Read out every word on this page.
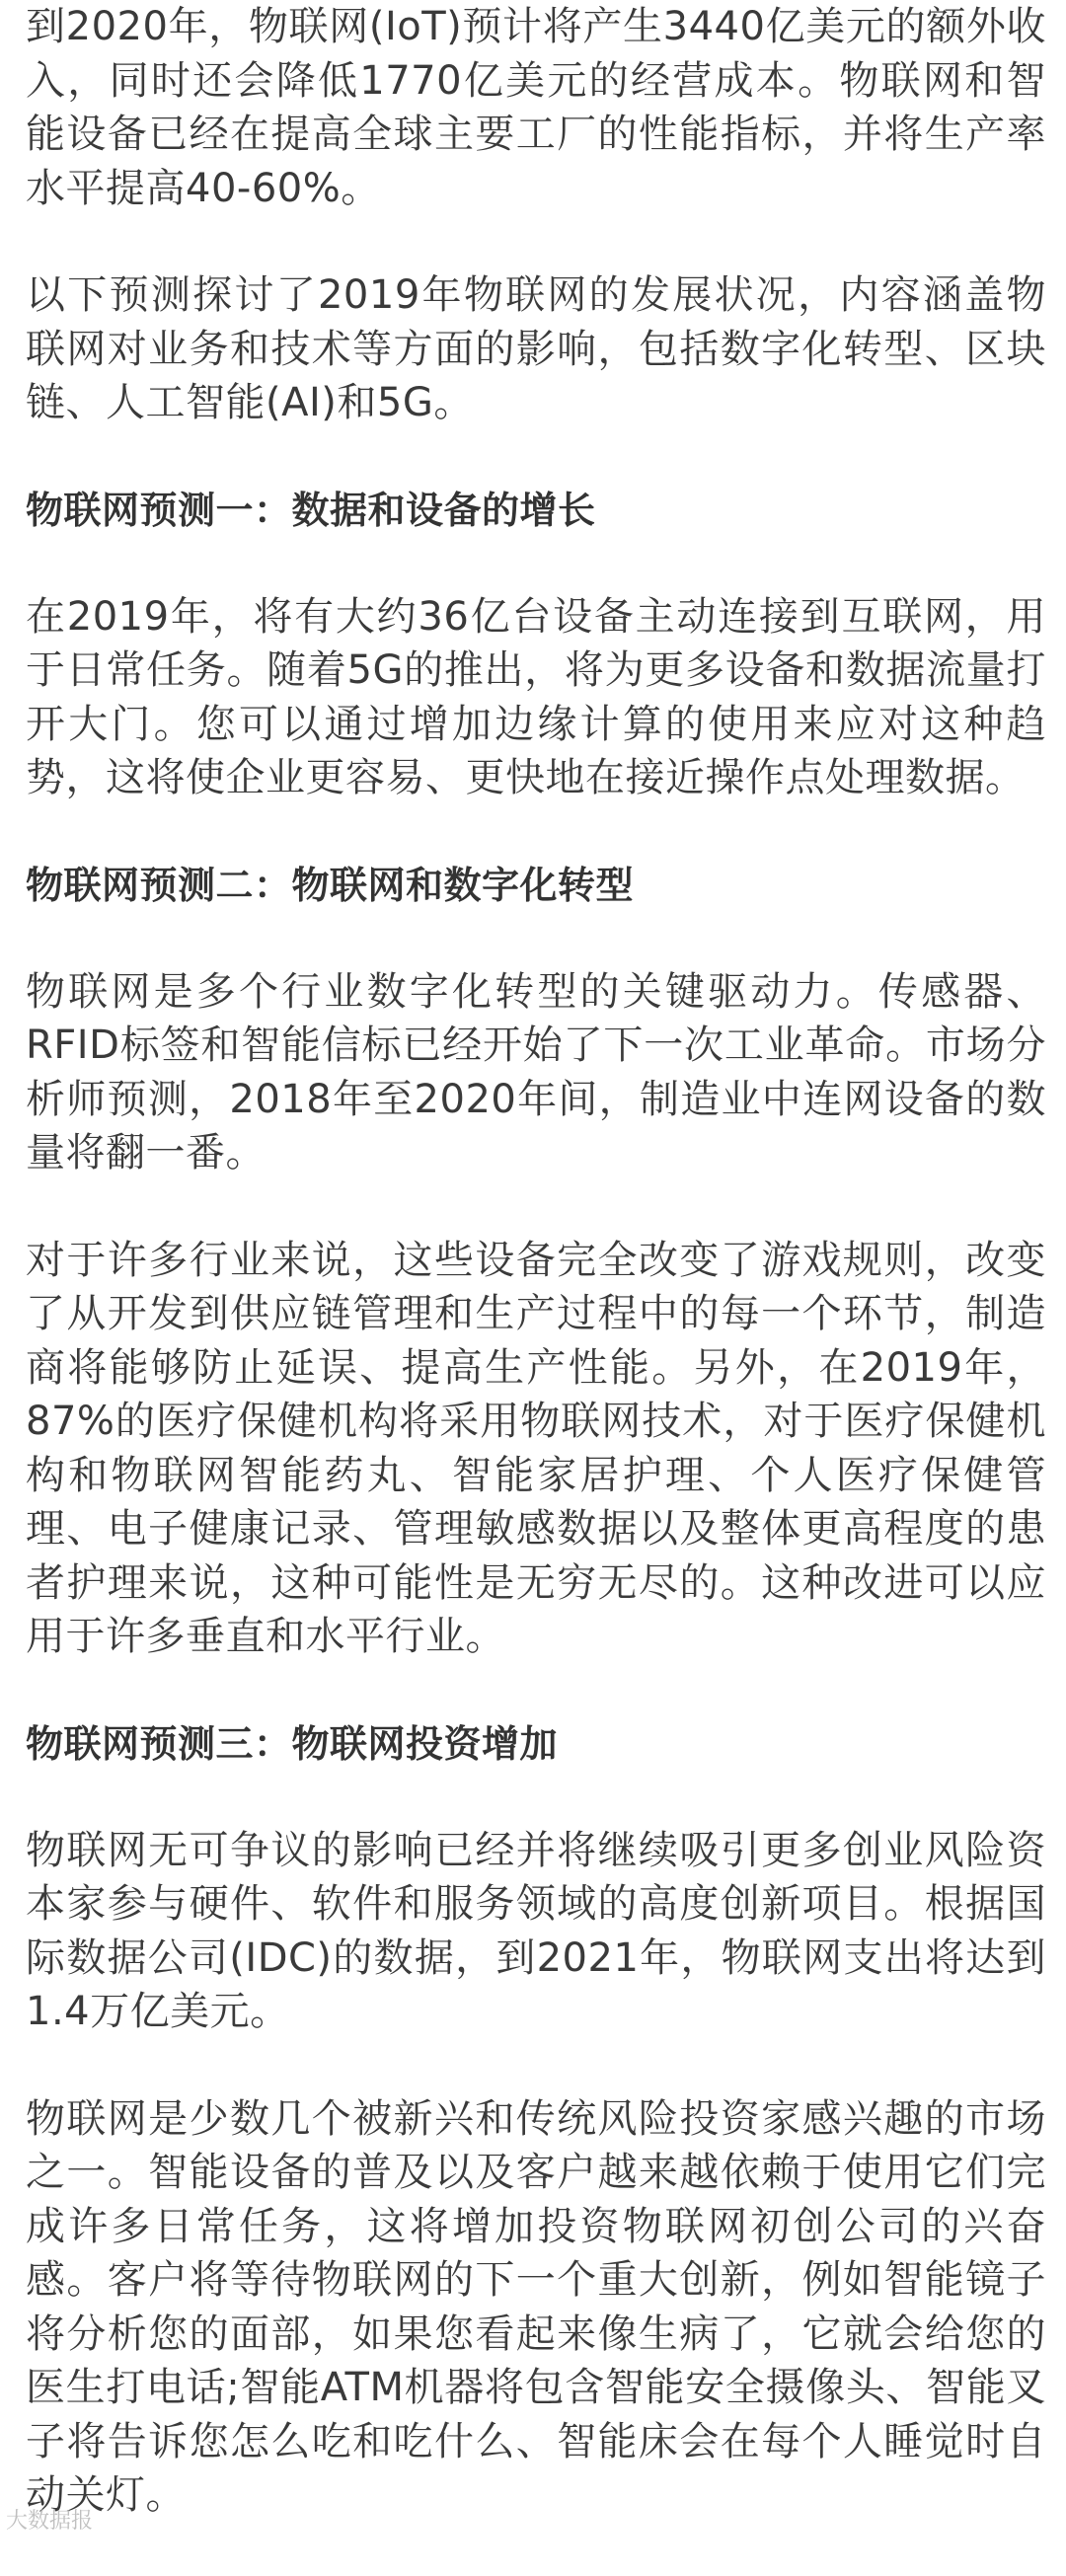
到2020年，物联网(IoT)预计将产生3440亿美元的额外收入，同时还会降低1770亿美元的经营成本。物联网和智能设备已经在提高全球主要工厂的性能指标，并将生产率水平提高40-60%。

以下预测探讨了2019年物联网的发展状况，内容涵盖物联网对业务和技术等方面的影响，包括数字化转型、区块链、人工智能(AI)和5G。

物联网预测一：数据和设备的增长

在2019年，将有大约36亿台设备主动连接到互联网，用于日常任务。随着5G的推出，将为更多设备和数据流量打开大门。您可以通过增加边缘计算的使用来应对这种趋势，这将使企业更容易、更快地在接近操作点处理数据。

物联网预测二：物联网和数字化转型

物联网是多个行业数字化转型的关键驱动力。传感器、RFID标签和智能信标已经开始了下一次工业革命。市场分析师预测，2018年至2020年间，制造业中连网设备的数量将翻一番。

对于许多行业来说，这些设备完全改变了游戏规则，改变了从开发到供应链管理和生产过程中的每一个环节，制造商将能够防止延误、提高生产性能。另外，在2019年，87%的医疗保健机构将采用物联网技术，对于医疗保健机构和物联网智能药丸、智能家居护理、个人医疗保健管理、电子健康记录、管理敏感数据以及整体更高程度的患者护理来说，这种可能性是无穷无尽的。这种改进可以应用于许多垂直和水平行业。

物联网预测三：物联网投资增加

物联网无可争议的影响已经并将继续吸引更多创业风险资本家参与硬件、软件和服务领域的高度创新项目。根据国际数据公司(IDC)的数据，到2021年，物联网支出将达到1.4万亿美元。

物联网是少数几个被新兴和传统风险投资家感兴趣的市场之一。智能设备的普及以及客户越来越依赖于使用它们完成许多日常任务，这将增加投资物联网初创公司的兴奋感。客户将等待物联网的下一个重大创新，例如智能镜子将分析您的面部，如果您看起来像生病了，它就会给您的医生打电话;智能ATM机器将包含智能安全摄像头、智能叉子将告诉您怎么吃和吃什么、智能床会在每个人睡觉时自动关灯。

大数据报
